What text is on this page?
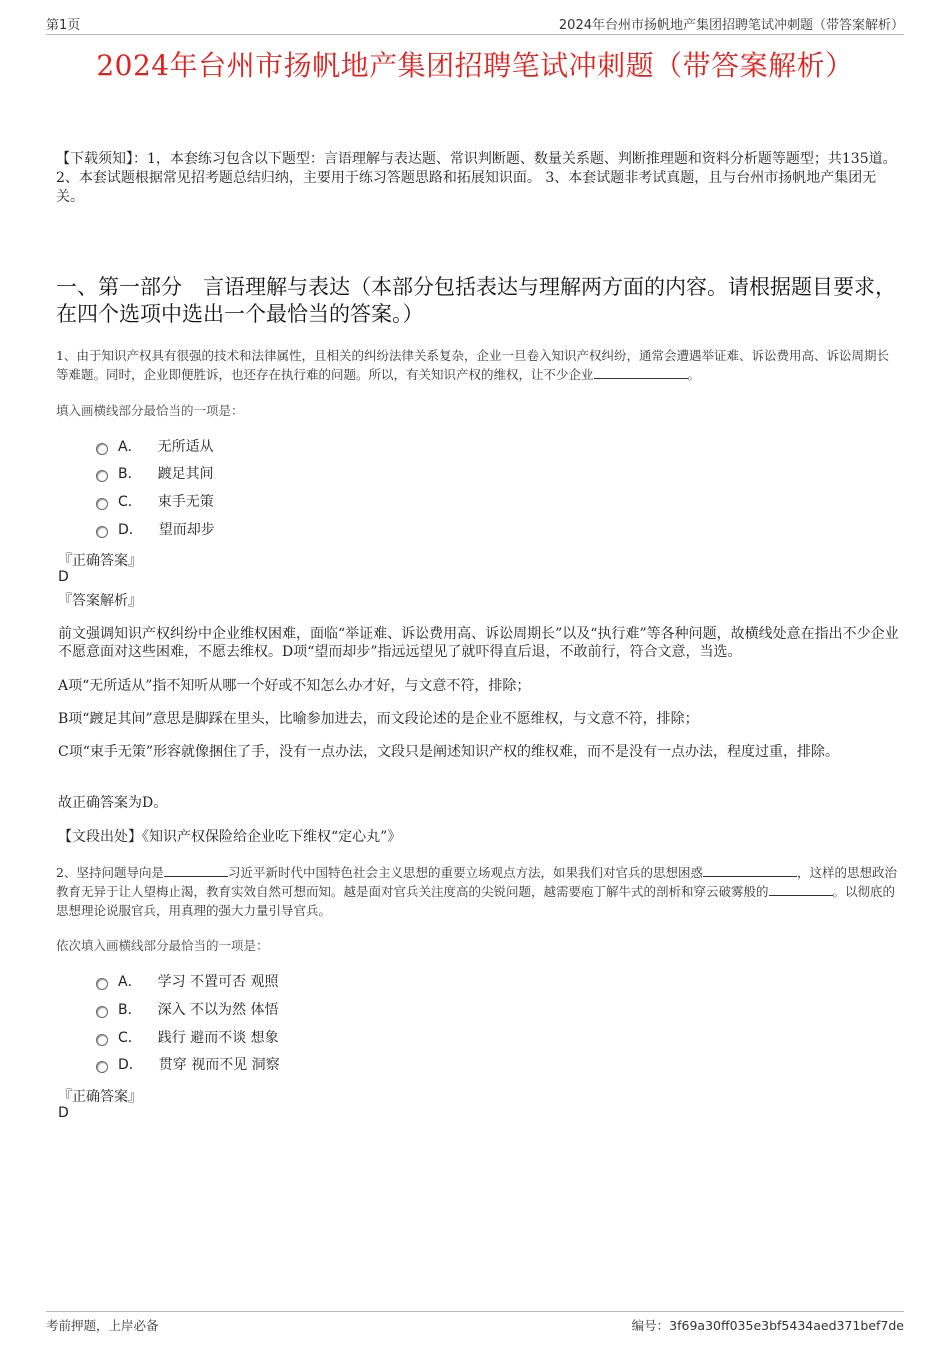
第1页	2024年台州市扬帆地产集团招聘笔试冲刺题（带答案解析）
2024年台州市扬帆地产集团招聘笔试冲刺题（带答案解析）
【下载须知】：1，本套练习包含以下题型：言语理解与表达题、常识判断题、数量关系题、判断推理题和资料分析题等题型；共135道。 2、本套试题根据常见招考题总结归纳，主要用于练习答题思路和拓展知识面。 3、本套试题非考试真题，且与台州市扬帆地产集团无关。
一、第一部分　言语理解与表达（本部分包括表达与理解两方面的内容。请根据题目要求，在四个选项中选出一个最恰当的答案。）
1、由于知识产权具有很强的技术和法律属性，且相关的纠纷法律关系复杂，企业一旦卷入知识产权纠纷，通常会遭遇举证难、诉讼费用高、诉讼周期长等难题。同时，企业即便胜诉，也还存在执行难的问题。所以，有关知识产权的维权，让不少企业	。
填入画横线部分最恰当的一项是：
A． 无所适从
B． 踱足其间
C． 束手无策
D． 望而却步
『正确答案』
D
『答案解析』
前文强调知识产权纠纷中企业维权困难，面临“举证难、诉讼费用高、诉讼周期长”以及“执行难”等各种问题，故横线处意在指出不少企业不愿意面对这些困难，不愿去维权。D项“望而却步”指远远望见了就吓得直后退，不敢前行，符合文意，当选。
A项“无所适从”指不知听从哪一个好或不知怎么办才好，与文意不符，排除；
B项“踱足其间”意思是脚踩在里头，比喻参加进去，而文段论述的是企业不愿维权，与文意不符，排除；
C项“束手无策”形容就像捆住了手，没有一点办法，文段只是阐述知识产权的维权难，而不是没有一点办法，程度过重，排除。
故正确答案为D。
【文段出处】《知识产权保险给企业吃下维权“定心丸”》
2、坚持问题导向是	习近平新时代中国特色社会主义思想的重要立场观点方法，如果我们对官兵的思想困惑	，这样的思想政治教育无异于让人望梅止渴，教育实效自然可想而知。越是面对官兵关注度高的尖锐问题，越需要庖丁解牛式的剖析和穿云破雾般的	。以彻底的思想理论说服官兵，用真理的强大力量引导官兵。
依次填入画横线部分最恰当的一项是：
A． 学习 不置可否 观照
B． 深入 不以为然 体悟
C． 践行 避而不谈 想象
D． 贯穿 视而不见 洞察
『正确答案』
D
考前押题，上岸必备	编号：3f69a30ff035e3bf5434aed371bef7de
